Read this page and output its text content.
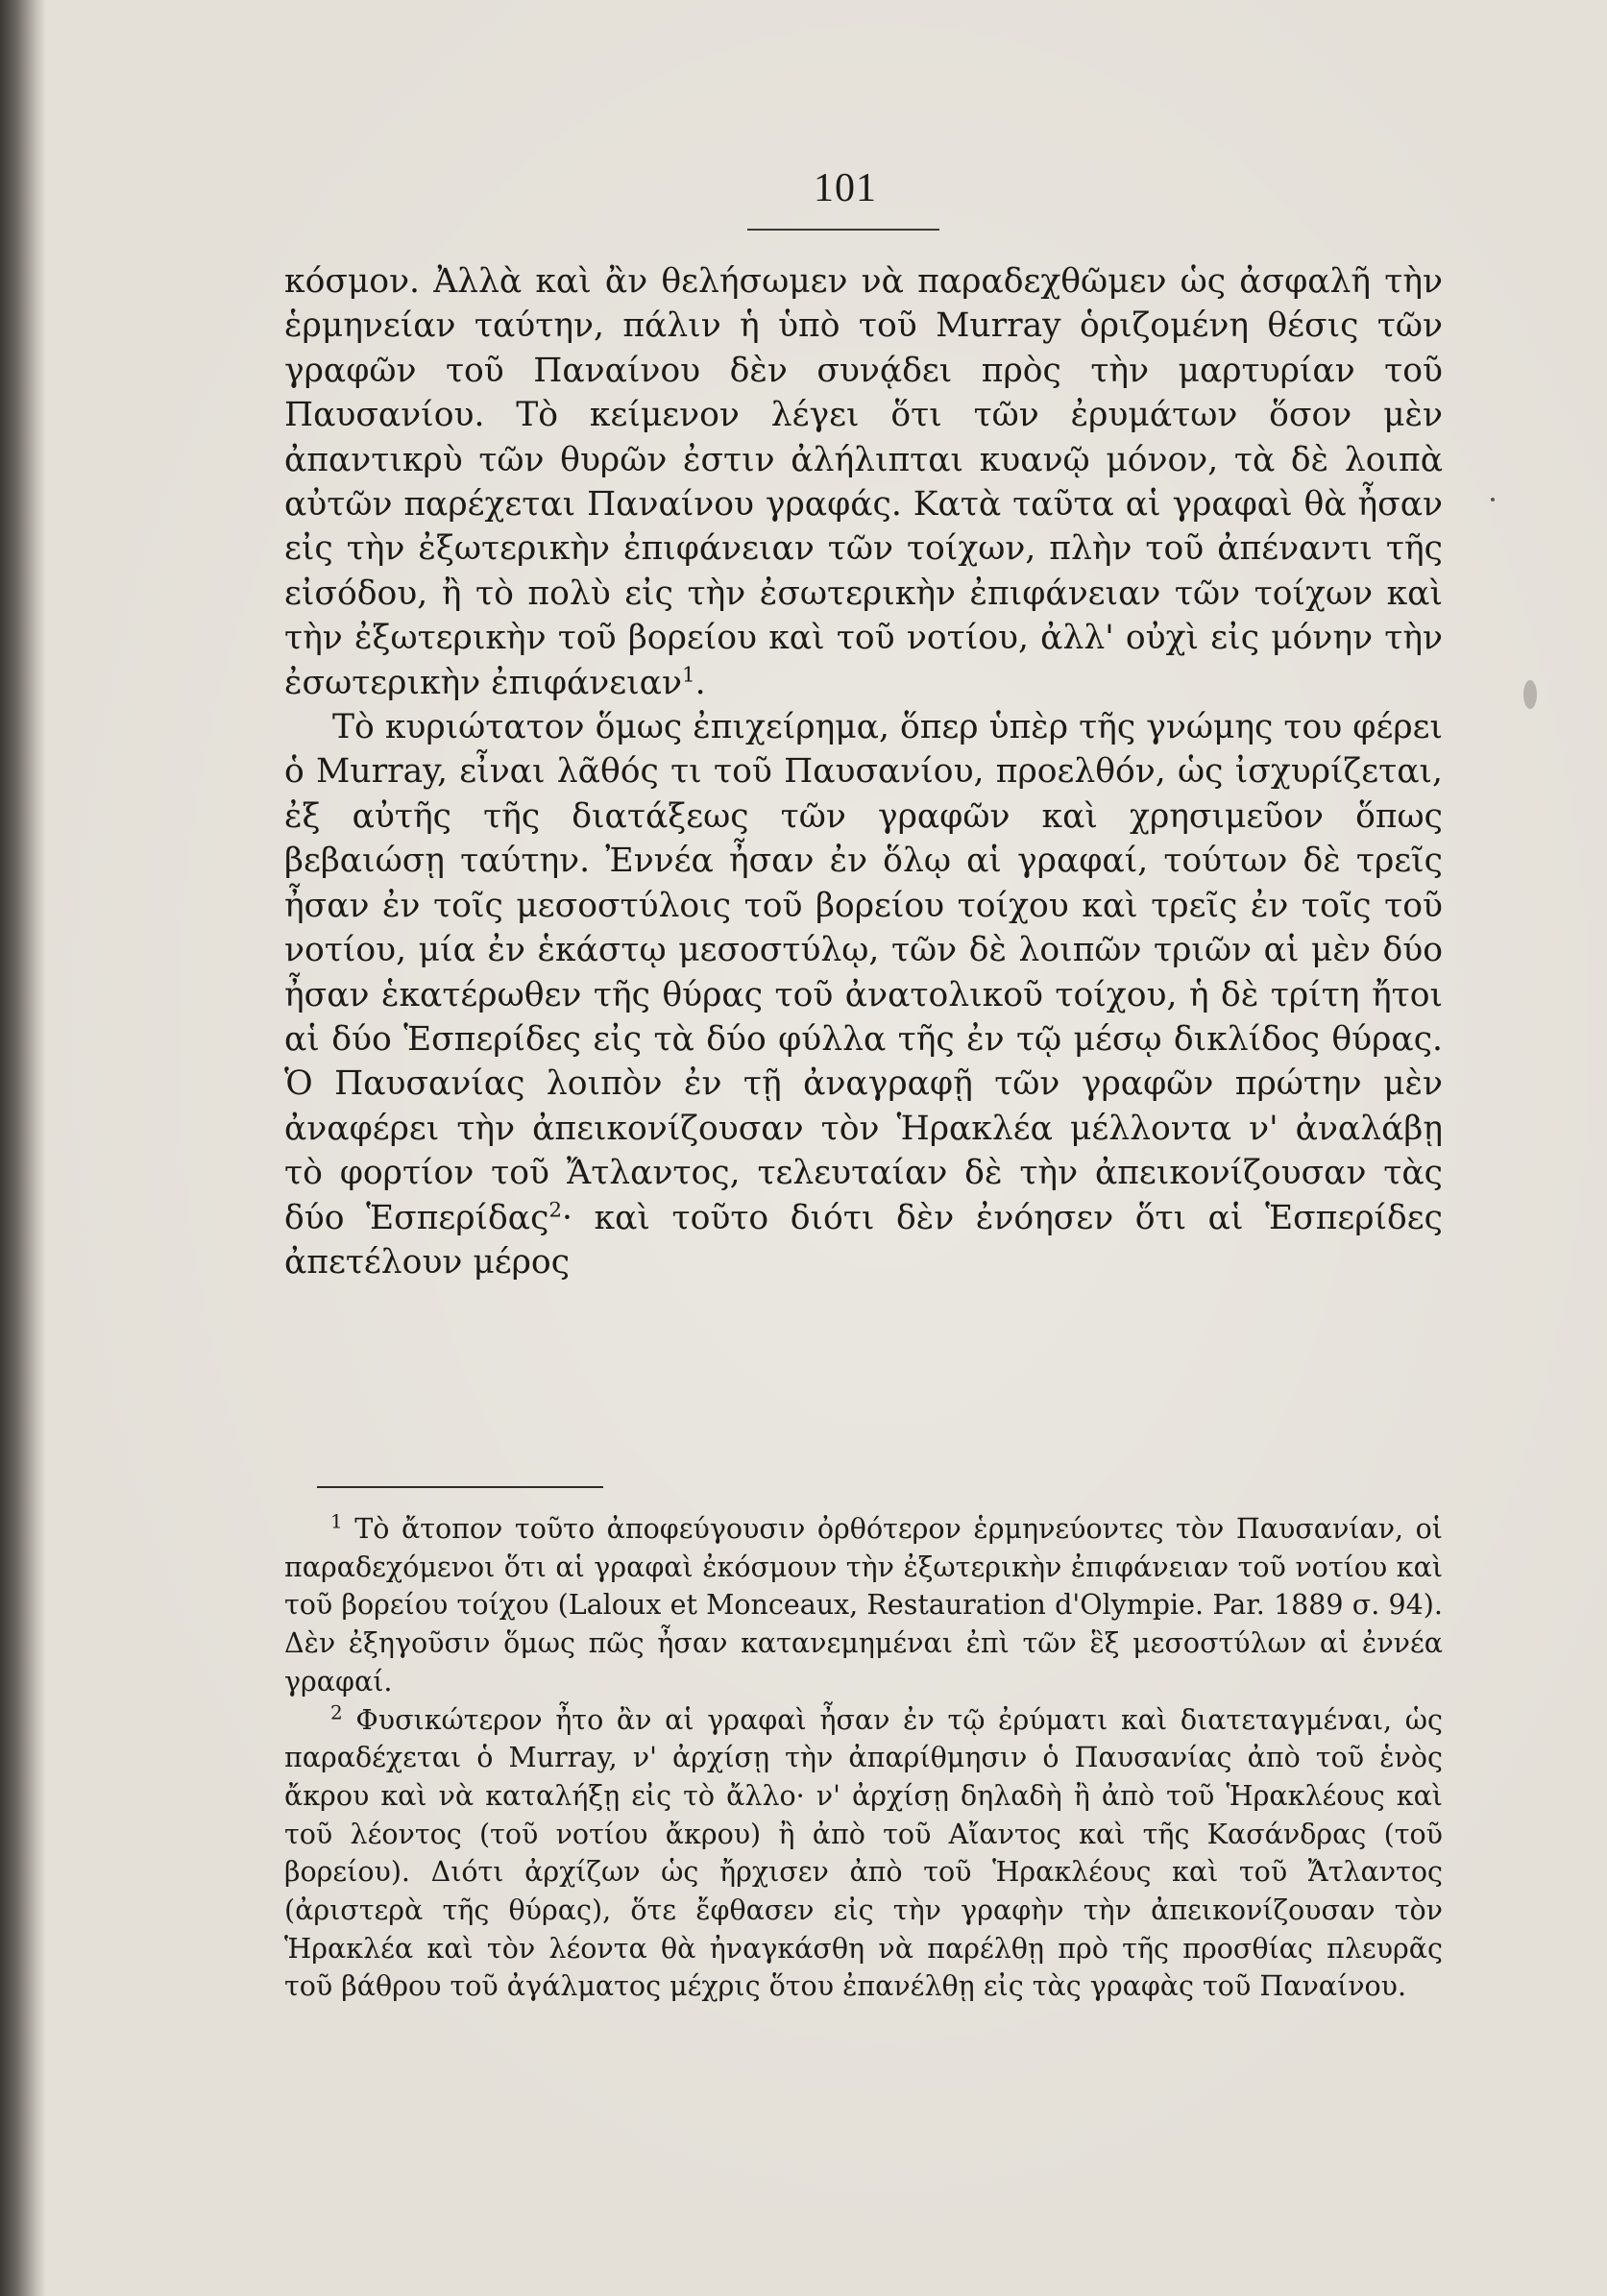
101

κόσμον. Ἀλλὰ καὶ ἂν θελήσωμεν νὰ παραδεχθῶμεν ὡς ἀσφαλῆ τὴν ἑρμηνείαν ταύτην, πάλιν ἡ ὑπὸ τοῦ Murray ὁριζομένη θέσις τῶν γραφῶν τοῦ Παναίνου δὲν συνᾴδει πρὸς τὴν μαρτυρίαν τοῦ Παυσανίου. Τὸ κείμενον λέγει ὅτι τῶν ἐρυμάτων ὅσον μὲν ἀπαντικρὺ τῶν θυρῶν ἐστιν ἀλήλιπται κυανῷ μόνον, τὰ δὲ λοιπὰ αὐτῶν παρέχεται Παναίνου γραφάς. Κατὰ ταῦτα αἱ γραφαὶ θὰ ἦσαν εἰς τὴν ἐξωτερικὴν ἐπιφάνειαν τῶν τοίχων, πλὴν τοῦ ἀπέναντι τῆς εἰσόδου, ἢ τὸ πολὺ εἰς τὴν ἐσωτερικὴν ἐπιφάνειαν τῶν τοίχων καὶ τὴν ἐξωτερικὴν τοῦ βορείου καὶ τοῦ νοτίου, ἀλλ' οὐχὶ εἰς μόνην τὴν ἐσωτερικὴν ἐπιφάνειαν$^1$.

Τὸ κυριώτατον ὅμως ἐπιχείρημα, ὅπερ ὑπὲρ τῆς γνώμης του φέρει ὁ Murray, εἶναι λᾶθός τι τοῦ Παυσανίου, προελθόν, ὡς ἰσχυρίζεται, ἐξ αὐτῆς τῆς διατάξεως τῶν γραφῶν καὶ χρησιμεῦον ὅπως βεβαιώσῃ ταύτην. Ἐννέα ἦσαν ἐν ὅλῳ αἱ γραφαί, τούτων δὲ τρεῖς ἦσαν ἐν τοῖς μεσοστύλοις τοῦ βορείου τοίχου καὶ τρεῖς ἐν τοῖς τοῦ νοτίου, μία ἐν ἑκάστῳ μεσοστύλῳ, τῶν δὲ λοιπῶν τριῶν αἱ μὲν δύο ἦσαν ἑκατέρωθεν τῆς θύρας τοῦ ἀνατολικοῦ τοίχου, ἡ δὲ τρίτη ἤτοι αἱ δύο Ἑσπερίδες εἰς τὰ δύο φύλλα τῆς ἐν τῷ μέσῳ δικλίδος θύρας. Ὁ Παυσανίας λοιπὸν ἐν τῇ ἀναγραφῇ τῶν γραφῶν πρώτην μὲν ἀναφέρει τὴν ἀπεικονίζουσαν τὸν Ἡρακλέα μέλλοντα ν' ἀναλάβῃ τὸ φορτίον τοῦ Ἄτλαντος, τελευταίαν δὲ τὴν ἀπεικονίζουσαν τὰς δύο Ἑσπερίδας$^2$· καὶ τοῦτο διότι δὲν ἐνόησεν ὅτι αἱ Ἑσπερίδες ἀπετέλουν μέρος

$^1$ Τὸ ἄτοπον τοῦτο ἀποφεύγουσιν ὀρθότερον ἑρμηνεύοντες τὸν Παυσανίαν, οἱ παραδεχόμενοι ὅτι αἱ γραφαὶ ἐκόσμουν τὴν ἐξωτερικὴν ἐπιφάνειαν τοῦ νοτίου καὶ τοῦ βορείου τοίχου (Laloux et Monceaux, Restauration d'Olympie. Par. 1889 σ. 94). Δὲν ἐξηγοῦσιν ὅμως πῶς ἦσαν κατανεμημέναι ἐπὶ τῶν ἓξ μεσοστύλων αἱ ἐννέα γραφαί.

$^2$ Φυσικώτερον ἦτο ἂν αἱ γραφαὶ ἦσαν ἐν τῷ ἐρύματι καὶ διατεταγμέναι, ὡς παραδέχεται ὁ Murray, ν' ἀρχίσῃ τὴν ἀπαρίθμησιν ὁ Παυσανίας ἀπὸ τοῦ ἑνὸς ἄκρου καὶ νὰ καταλήξῃ εἰς τὸ ἄλλο· ν' ἀρχίσῃ δηλαδὴ ἢ ἀπὸ τοῦ Ἡρακλέους καὶ τοῦ λέοντος (τοῦ νοτίου ἄκρου) ἢ ἀπὸ τοῦ Αἴαντος καὶ τῆς Κασάνδρας (τοῦ βορείου). Διότι ἀρχίζων ὡς ἤρχισεν ἀπὸ τοῦ Ἡρακλέους καὶ τοῦ Ἄτλαντος (ἀριστερὰ τῆς θύρας), ὅτε ἔφθασεν εἰς τὴν γραφὴν τὴν ἀπεικονίζουσαν τὸν Ἡρακλέα καὶ τὸν λέοντα θὰ ἠναγκάσθη νὰ παρέλθῃ πρὸ τῆς προσθίας πλευρᾶς τοῦ βάθρου τοῦ ἀγάλματος μέχρις ὅτου ἐπανέλθῃ εἰς τὰς γραφὰς τοῦ Παναίνου.
